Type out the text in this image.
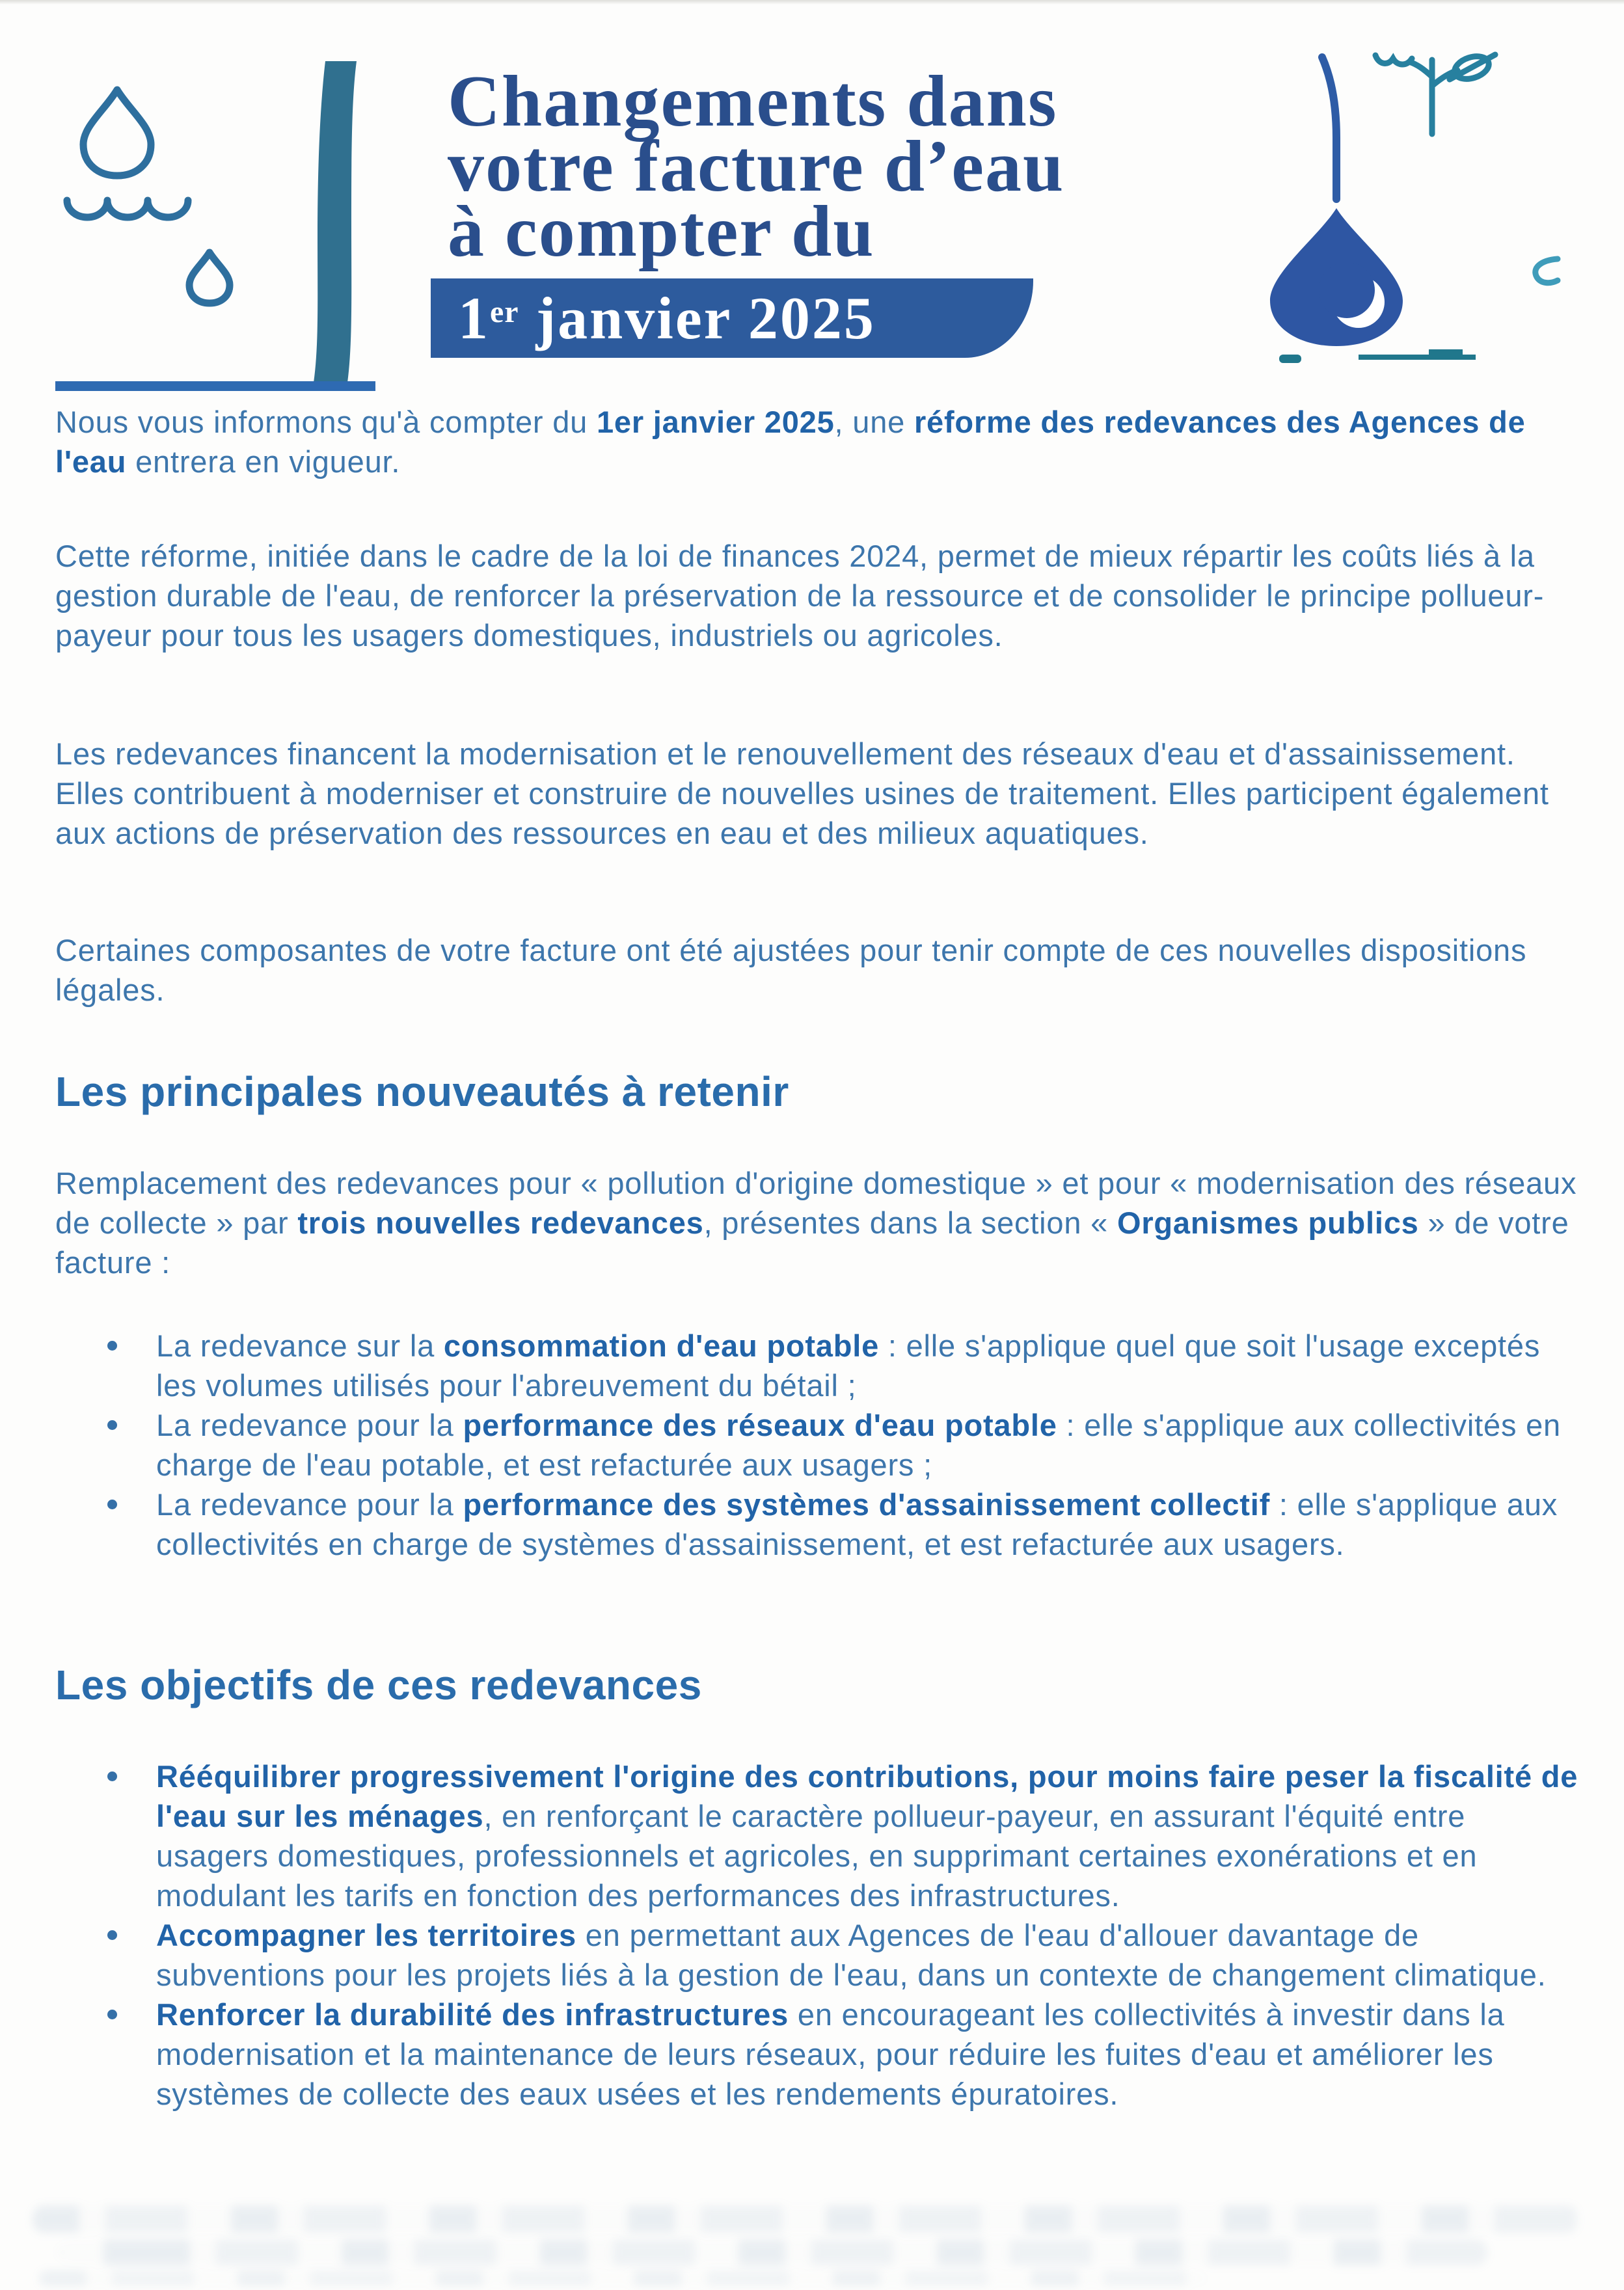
Changements dans
votre facture d’eau
à compter du
1er janvier 2025

Nous vous informons qu'à compter du 1er janvier 2025, une réforme des redevances des Agences de l'eau entrera en vigueur.

Cette réforme, initiée dans le cadre de la loi de finances 2024, permet de mieux répartir les coûts liés à la gestion durable de l'eau, de renforcer la préservation de la ressource et de consolider le principe pollueur-payeur pour tous les usagers domestiques, industriels ou agricoles.

Les redevances financent la modernisation et le renouvellement des réseaux d'eau et d'assainissement. Elles contribuent à moderniser et construire de nouvelles usines de traitement. Elles participent également aux actions de préservation des ressources en eau et des milieux aquatiques.

Certaines composantes de votre facture ont été ajustées pour tenir compte de ces nouvelles dispositions légales.

Les principales nouveautés à retenir

Remplacement des redevances pour « pollution d'origine domestique » et pour « modernisation des réseaux de collecte » par trois nouvelles redevances, présentes dans la section « Organismes publics » de votre facture :

La redevance sur la consommation d'eau potable : elle s'applique quel que soit l'usage exceptés les volumes utilisés pour l'abreuvement du bétail ;
La redevance pour la performance des réseaux d'eau potable : elle s'applique aux collectivités en charge de l'eau potable, et est refacturée aux usagers ;
La redevance pour la performance des systèmes d'assainissement collectif : elle s'applique aux collectivités en charge de systèmes d'assainissement, et est refacturée aux usagers.
Les objectifs de ces redevances
Rééquilibrer progressivement l'origine des contributions, pour moins faire peser la fiscalité de l'eau sur les ménages, en renforçant le caractère pollueur-payeur, en assurant l'équité entre usagers domestiques, professionnels et agricoles, en supprimant certaines exonérations et en modulant les tarifs en fonction des performances des infrastructures.
Accompagner les territoires en permettant aux Agences de l'eau d'allouer davantage de subventions pour les projets liés à la gestion de l'eau, dans un contexte de changement climatique.
Renforcer la durabilité des infrastructures en encourageant les collectivités à investir dans la modernisation et la maintenance de leurs réseaux, pour réduire les fuites d'eau et améliorer les systèmes de collecte des eaux usées et les rendements épuratoires.
